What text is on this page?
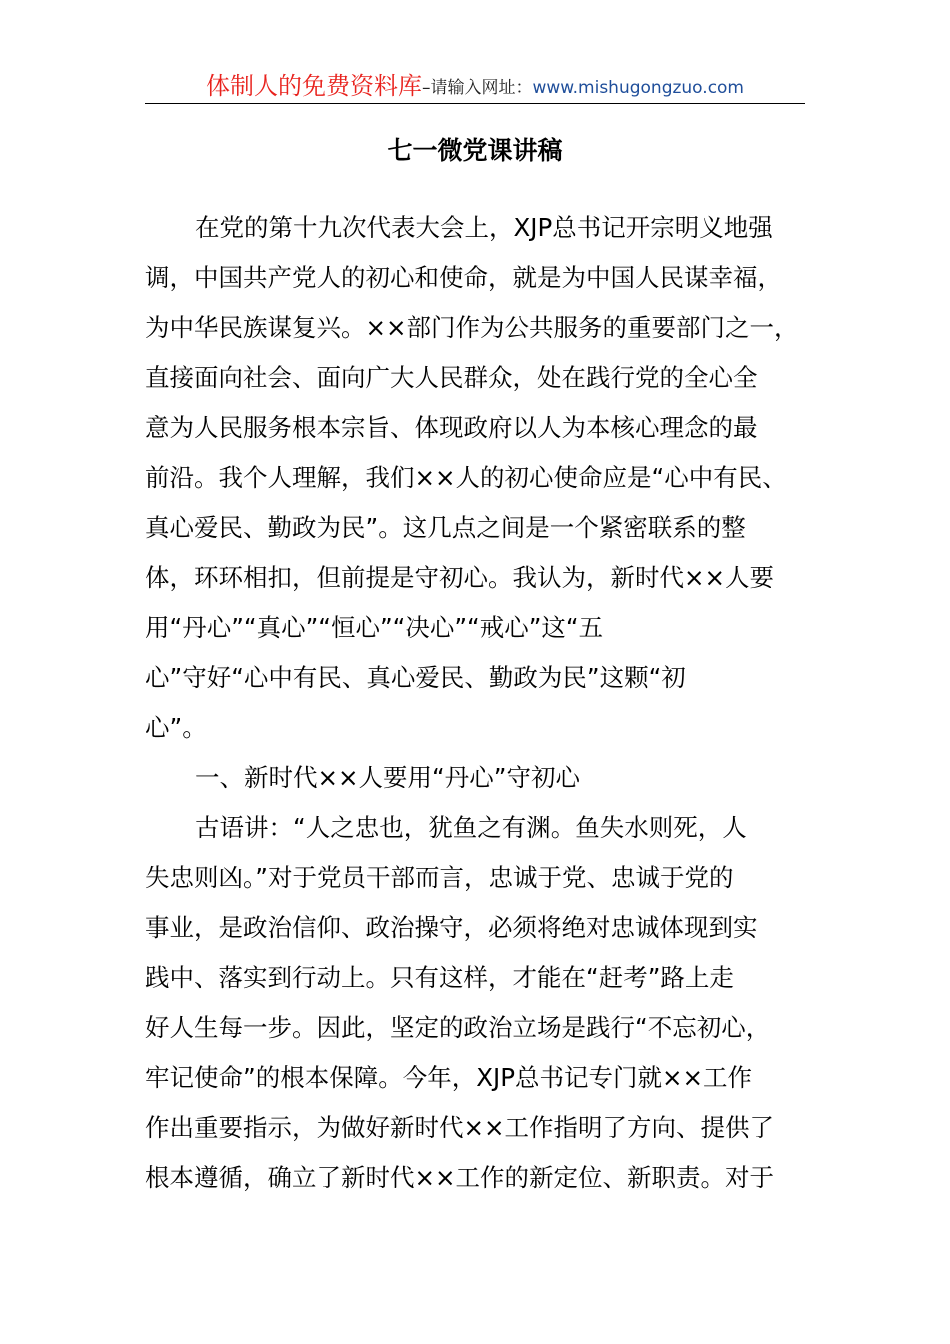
体制人的免费资料库 –请输入网址： www.mishugongzuo.com
七一微党课讲稿
在党的第十九次代表大会上，XJP总书记开宗明义地强
调，中国共产党人的初心和使命，就是为中国人民谋幸福，
为中华民族谋复兴。××部门作为公共服务的重要部门之一，
直接面向社会、面向广大人民群众，处在践行党的全心全
意为人民服务根本宗旨、体现政府以人为本核心理念的最
前沿。我个人理解，我们××人的初心使命应是“心中有民、
真心爱民、勤政为民”。这几点之间是一个紧密联系的整
体，环环相扣，但前提是守初心。我认为，新时代××人要
用“丹心”“真心”“恒心”“决心”“戒心”这“五
心”守好“心中有民、真心爱民、勤政为民”这颗“初
心”。
一、新时代××人要用“丹心”守初心
古语讲：“人之忠也，犹鱼之有渊。鱼失水则死，人
失忠则凶。”对于党员干部而言，忠诚于党、忠诚于党的
事业，是政治信仰、政治操守，必须将绝对忠诚体现到实
践中、落实到行动上。只有这样，才能在“赶考”路上走
好人生每一步。因此，坚定的政治立场是践行“不忘初心，
牢记使命”的根本保障。今年，XJP总书记专门就××工作
作出重要指示，为做好新时代××工作指明了方向、提供了
根本遵循，确立了新时代××工作的新定位、新职责。对于
